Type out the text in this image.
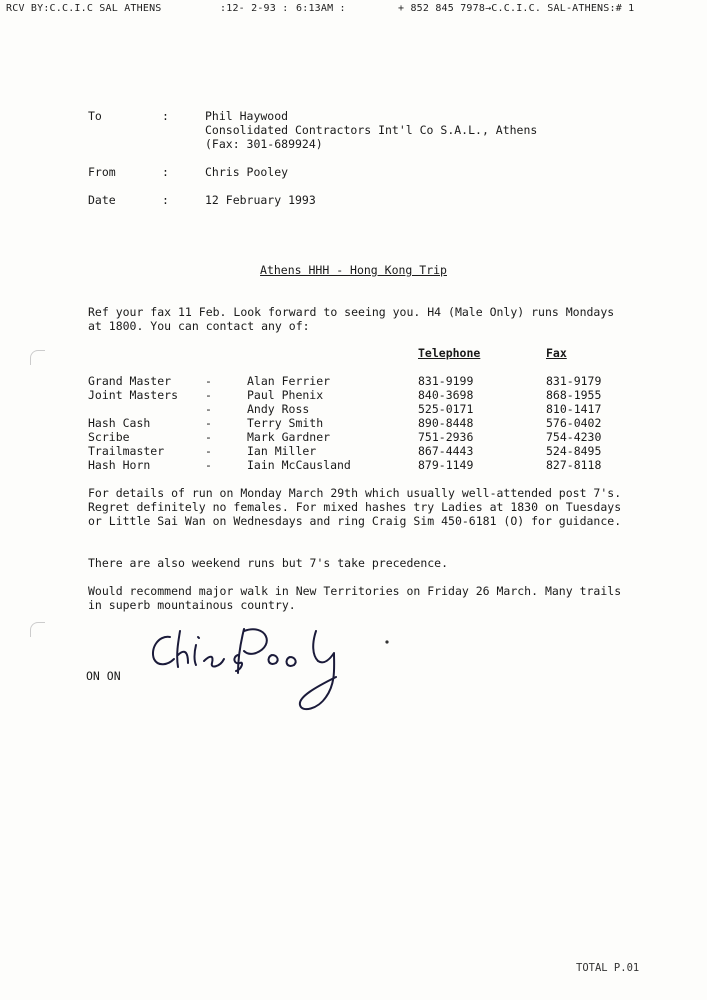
RCV BY:C.C.I.C SAL ATHENS	:12- 2-93 : 6:13AM :	+ 852 845 7978→C.C.I.C. SAL-ATHENS:# 1

To

	:

	Phil Haywood

Consolidated Contractors Int'l Co S.A.L., Athens

(Fax: 301-689924)

From

	:

	Chris Pooley

Date

	:

	12 February 1993

Athens HHH - Hong Kong Trip
Ref your fax 11 Feb. Look forward to seeing you. H4 (Male Only) runs Mondays at 1800. You can contact any of:
Telephone	Fax
Grand Master	-	Alan Ferrier	831-9199	831-9179
Joint Masters -	Paul Phenix	840-3698	868-1955
-	Andy Ross	525-0171	810-1417
Hash Cash	-	Terry Smith	890-8448	576-0402
Scribe	-	Mark Gardner	751-2936	754-4230
Trailmaster	-	Ian Miller	867-4443	524-8495
Hash Horn	-	Iain McCausland	879-1149	827-8118
For details of run on Monday March 29th which usually well-attended post 7's. Regret definitely no females. For mixed hashes try Ladies at 1830 on Tuesdays or Little Sai Wan on Wednesdays and ring Craig Sim 450-6181 (O) for guidance.
There are also weekend runs but 7's take precedence.
Would recommend major walk in New Territories on Friday 26 March. Many trails in superb mountainous country.
ON ON
TOTAL P.01
